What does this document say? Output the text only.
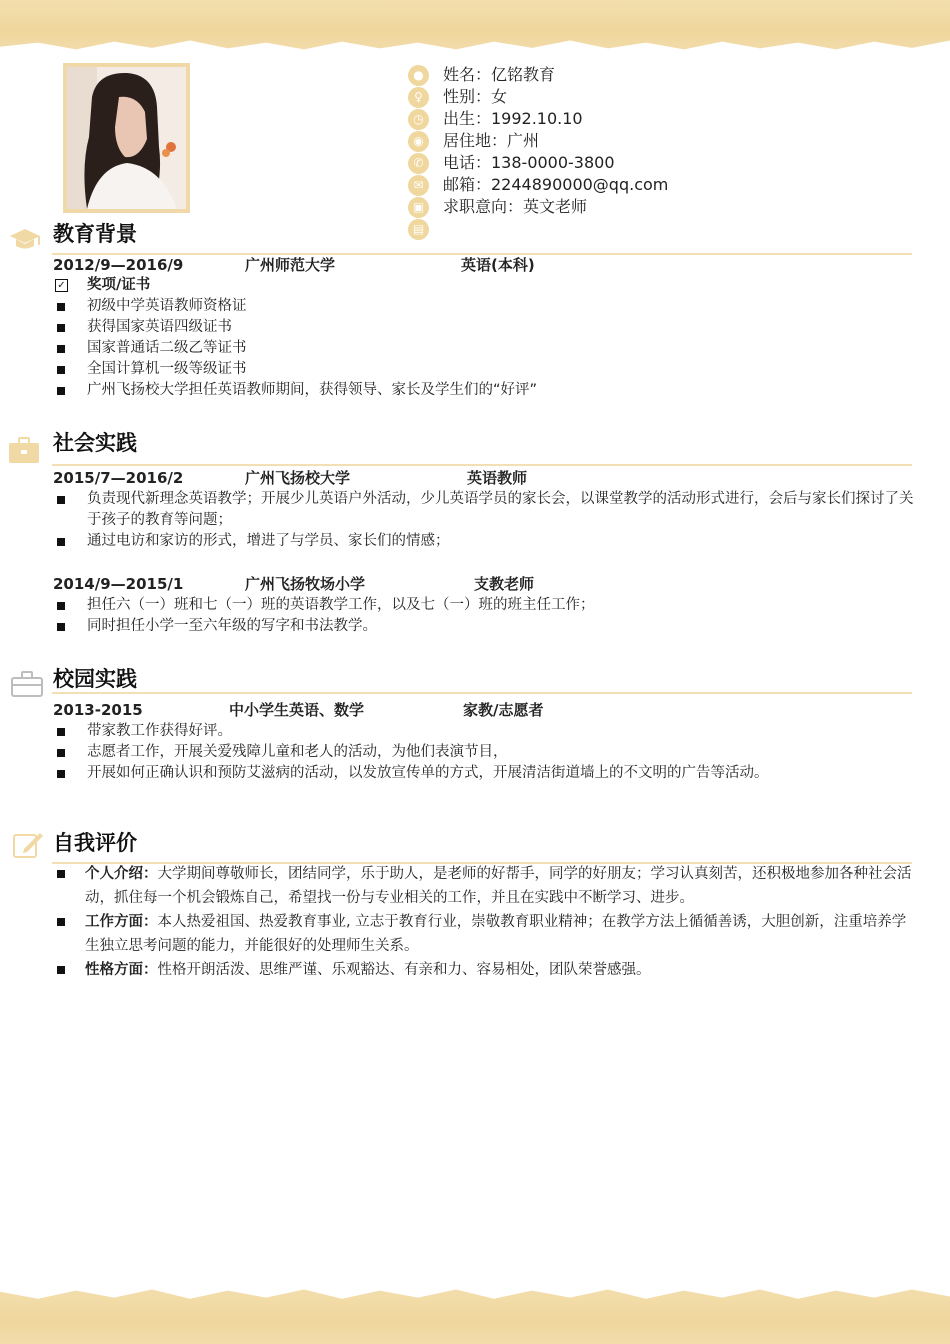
●	姓名：亿铭教育
♀	性别：女
◷	出生：1992.10.10
◉	居住地：广州
✆	电话：138-0000-3800
✉	邮箱：2244890000@qq.com
▣	求职意向：英文老师
▤
教育背景
2012/9—2016/9	广州师范大学	英语(本科)
✓ 奖项/证书
初级中学英语教师资格证
获得国家英语四级证书
国家普通话二级乙等证书
全国计算机一级等级证书
广州飞扬校大学担任英语教师期间，获得领导、家长及学生们的“好评”
社会实践
2015/7—2016/2	广州飞扬校大学	英语教师
负责现代新理念英语教学；开展少儿英语户外活动，少儿英语学员的家长会，以课堂教学的活动形式进行，会后与家长们探讨了关于孩子的教育等问题；
通过电访和家访的形式，增进了与学员、家长们的情感；
2014/9—2015/1	广州飞扬牧场小学	支教老师
担任六（一）班和七（一）班的英语教学工作，以及七（一）班的班主任工作；
同时担任小学一至六年级的写字和书法教学。
校园实践
2013-2015	中小学生英语、数学	家教/志愿者
带家教工作获得好评。
志愿者工作，开展关爱残障儿童和老人的活动，为他们表演节目，
开展如何正确认识和预防艾滋病的活动，以发放宣传单的方式，开展清洁街道墙上的不文明的广告等活动。
自我评价
个人介绍：大学期间尊敬师长，团结同学，乐于助人，是老师的好帮手，同学的好朋友；学习认真刻苦，还积极地参加各种社会活动，抓住每一个机会锻炼自己，希望找一份与专业相关的工作，并且在实践中不断学习、进步。
工作方面：本人热爱祖国、热爱教育事业, 立志于教育行业，崇敬教育职业精神；在教学方法上循循善诱，大胆创新，注重培养学生独立思考问题的能力，并能很好的处理师生关系。
性格方面：性格开朗活泼、思维严谨、乐观豁达、有亲和力、容易相处，团队荣誉感强。
